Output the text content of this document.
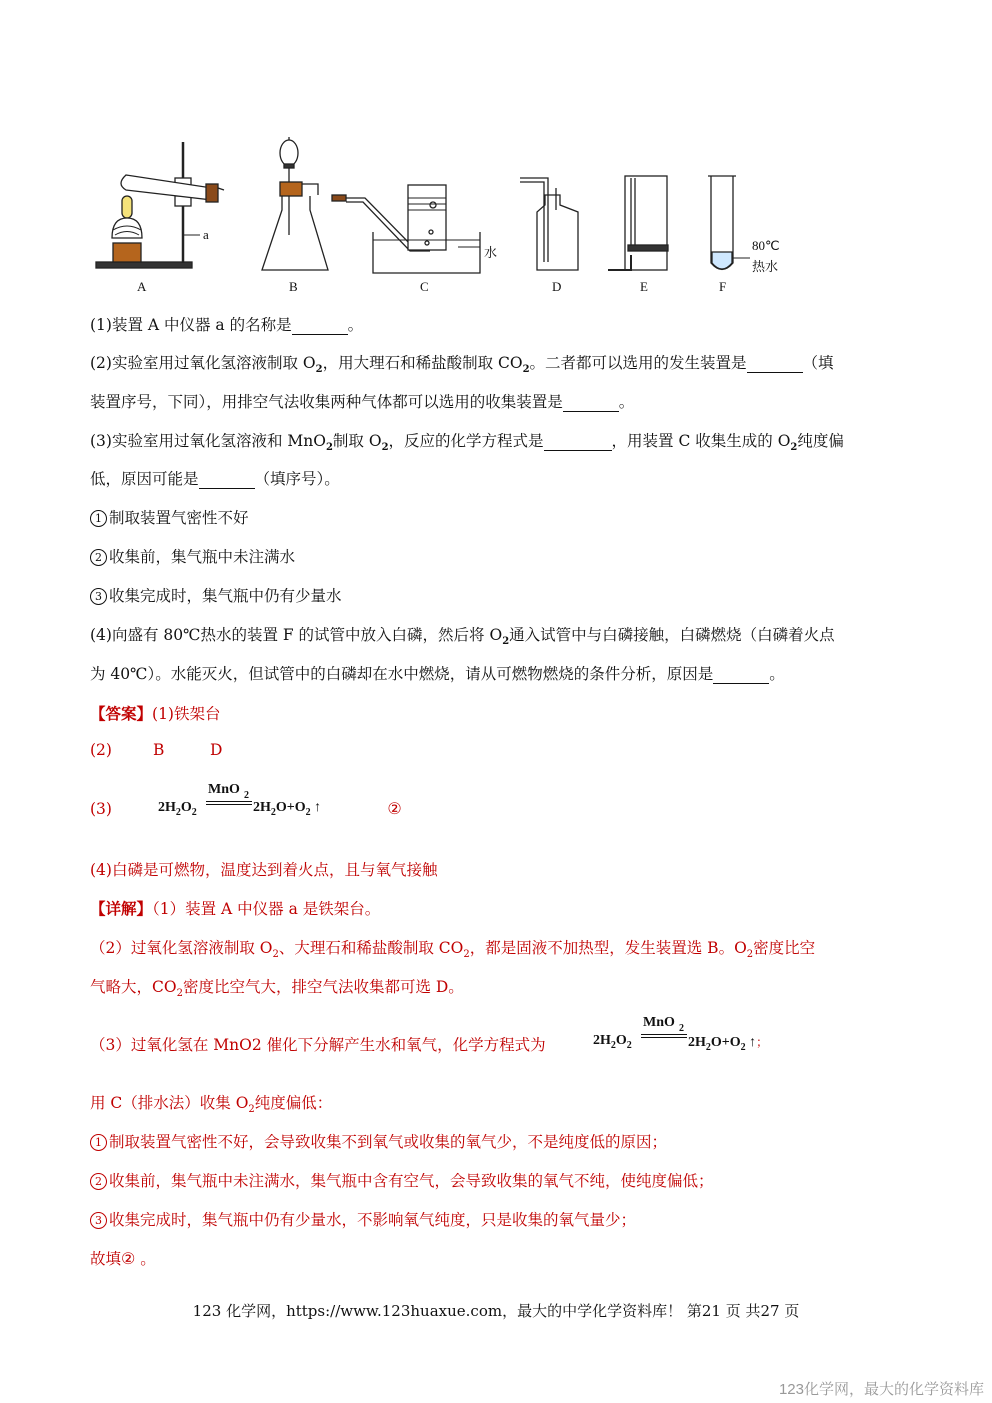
a
水	80℃
热水
A	B	C	D	E	F
(1)装置 A 中仪器 a 的名称是	。
(2)实验室用过氧化氢溶液制取 $O_2$，用大理石和稀盐酸制取 $CO_2$。二者都可以选用的发生装置是	（填
装置序号，下同），用排空气法收集两种气体都可以选用的收集装置是	。
(3)实验室用过氧化氢溶液和 MnO$_2$制取 $O_2$，反应的化学方程式是	，用装置 C 收集生成的 $O_2$纯度偏
低，原因可能是	（填序号）。
1 制取装置气密性不好
2 收集前，集气瓶中未注满水
3 收集完成时，集气瓶中仍有少量水
(4)向盛有 80℃热水的装置 F 的试管中放入白磷，然后将 $O_2$通入试管中与白磷接触，白磷燃烧（白磷着火点
为 40℃）。水能灭火，但试管中的白磷却在水中燃烧，请从可燃物燃烧的条件分析，原因是	。
【答案】(1)铁架台
(2)	B	D
(3)	②
MnO 2
$2H_2O_2$	$2H_2O+O_2$ ↑
(4)白磷是可燃物，温度达到着火点，且与氧气接触
【详解】（1）装置 A 中仪器 a 是铁架台。
（2）过氧化氢溶液制取 $O_2$、大理石和稀盐酸制取 $CO_2$，都是固液不加热型，发生装置选 B。$O_2$密度比空
气略大，$CO_2$密度比空气大，排空气法收集都可选 D。
（3）过氧化氢在 MnO2 催化下分解产生水和氧气，化学方程式为
MnO 2
$2H_2O_2$	$2H_2O+O_2$ ↑；
用 C（排水法）收集 $O_2$纯度偏低：
1 制取装置气密性不好，会导致收集不到氧气或收集的氧气少，不是纯度低的原因；
2 收集前，集气瓶中未注满水，集气瓶中含有空气，会导致收集的氧气不纯，使纯度偏低；
3 收集完成时，集气瓶中仍有少量水，不影响氧气纯度，只是收集的氧气量少；
故填② 。
123 化学网，https://www.123huaxue.com，最大的中学化学资料库！ 第21 页 共27 页
123化学网，最大的化学资料库
